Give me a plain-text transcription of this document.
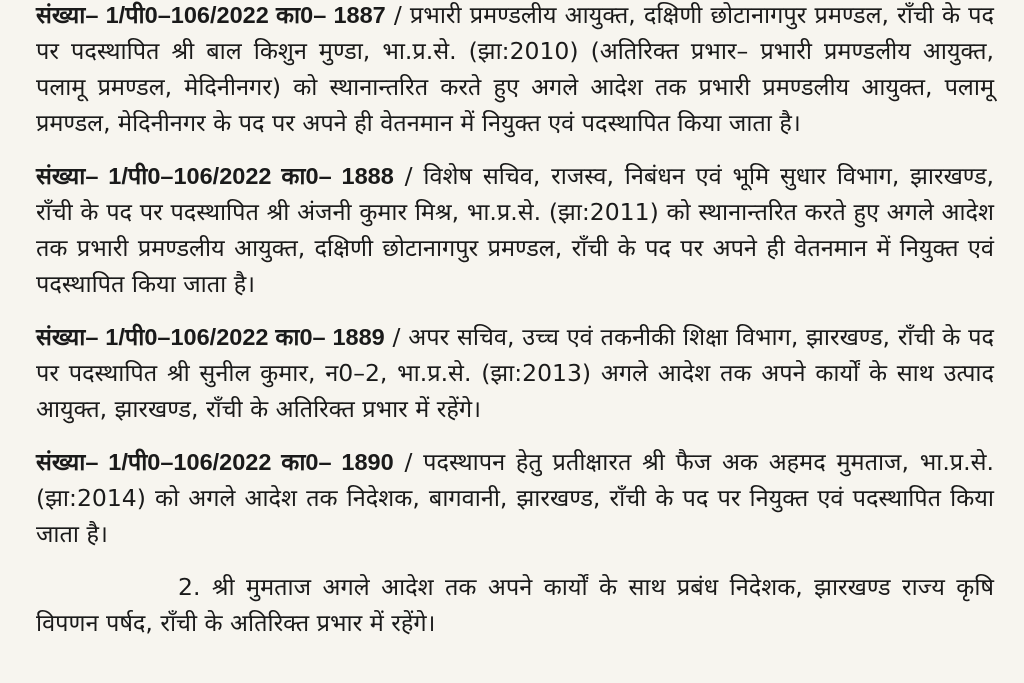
संख्या– 1/पी0–106/2022 का0– 1887 / प्रभारी प्रमण्डलीय आयुक्त, दक्षिणी छोटानागपुर प्रमण्डल, राँची के पद पर पदस्थापित श्री बाल किशुन मुण्डा, भा.प्र.से. (झा:2010) (अतिरिक्त प्रभार– प्रभारी प्रमण्डलीय आयुक्त, पलामू प्रमण्डल, मेदिनीनगर) को स्थानान्तरित करते हुए अगले आदेश तक प्रभारी प्रमण्डलीय आयुक्त, पलामू प्रमण्डल, मेदिनीनगर के पद पर अपने ही वेतनमान में नियुक्त एवं पदस्थापित किया जाता है।

संख्या– 1/पी0–106/2022 का0– 1888 / विशेष सचिव, राजस्व, निबंधन एवं भूमि सुधार विभाग, झारखण्ड, राँची के पद पर पदस्थापित श्री अंजनी कुमार मिश्र, भा.प्र.से. (झा:2011) को स्थानान्तरित करते हुए अगले आदेश तक प्रभारी प्रमण्डलीय आयुक्त, दक्षिणी छोटानागपुर प्रमण्डल, राँची के पद पर अपने ही वेतनमान में नियुक्त एवं पदस्थापित किया जाता है।

संख्या– 1/पी0–106/2022 का0– 1889 / अपर सचिव, उच्च एवं तकनीकी शिक्षा विभाग, झारखण्ड, राँची के पद पर पदस्थापित श्री सुनील कुमार, न0–2, भा.प्र.से. (झा:2013) अगले आदेश तक अपने कार्यों के साथ उत्पाद आयुक्त, झारखण्ड, राँची के अतिरिक्त प्रभार में रहेंगे।

संख्या– 1/पी0–106/2022 का0– 1890 / पदस्थापन हेतु प्रतीक्षारत श्री फैज अक अहमद मुमताज, भा.प्र.से. (झा:2014) को अगले आदेश तक निदेशक, बागवानी, झारखण्ड, राँची के पद पर नियुक्त एवं पदस्थापित किया जाता है।

2. श्री मुमताज अगले आदेश तक अपने कार्यों के साथ प्रबंध निदेशक, झारखण्ड राज्य कृषि विपणन पर्षद, राँची के अतिरिक्त प्रभार में रहेंगे।
